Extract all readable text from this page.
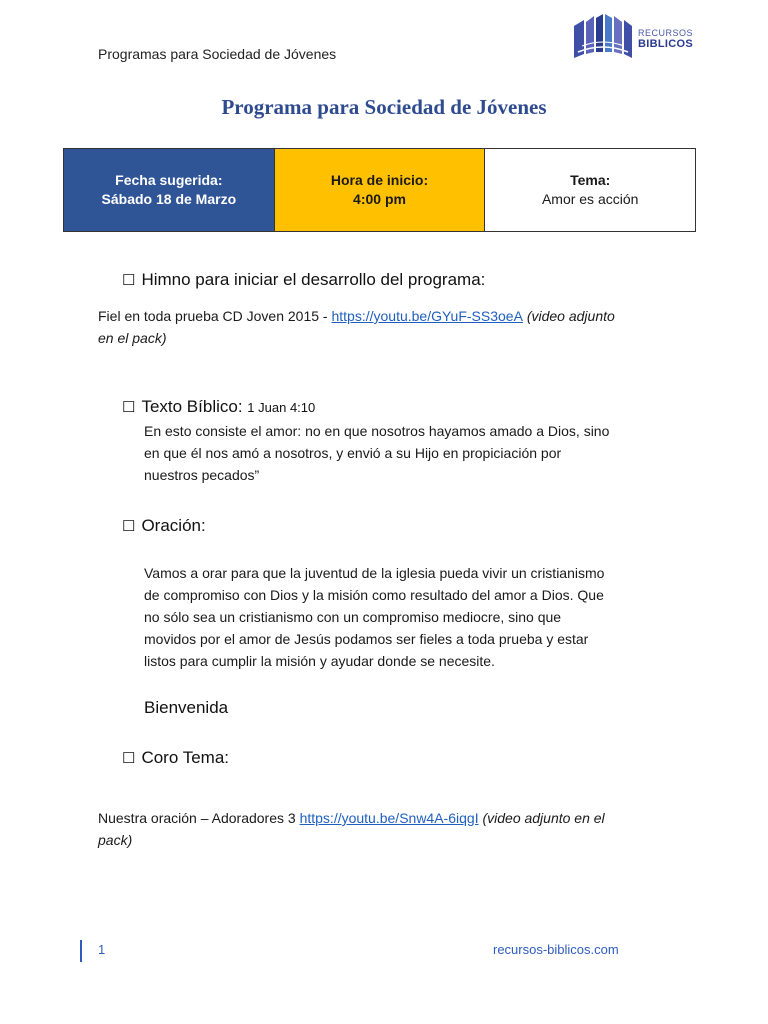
Programas para Sociedad de Jóvenes
RECURSOS
BIBLICOS
Programa para Sociedad de Jóvenes
Fecha sugerida:
Sábado 18 de Marzo
Hora de inicio:
4:00 pm
Tema:
Amor es acción
☐ Himno para iniciar el desarrollo del programa:
Fiel en toda prueba CD Joven 2015 - https://youtu.be/GYuF-SS3oeA (video adjunto
en el pack)
☐ Texto Bíblico: 1 Juan 4:10
En esto consiste el amor: no en que nosotros hayamos amado a Dios, sino
en que él nos amó a nosotros, y envió a su Hijo en propiciación por
nuestros pecados”
☐ Oración:
Vamos a orar para que la juventud de la iglesia pueda vivir un cristianismo
de compromiso con Dios y la misión como resultado del amor a Dios. Que
no sólo sea un cristianismo con un compromiso mediocre, sino que
movidos por el amor de Jesús podamos ser fieles a toda prueba y estar
listos para cumplir la misión y ayudar donde se necesite.
Bienvenida
☐ Coro Tema:
Nuestra oración – Adoradores 3 https://youtu.be/Snw4A-6iqgI (video adjunto en el
pack)
1	recursos-biblicos.com
